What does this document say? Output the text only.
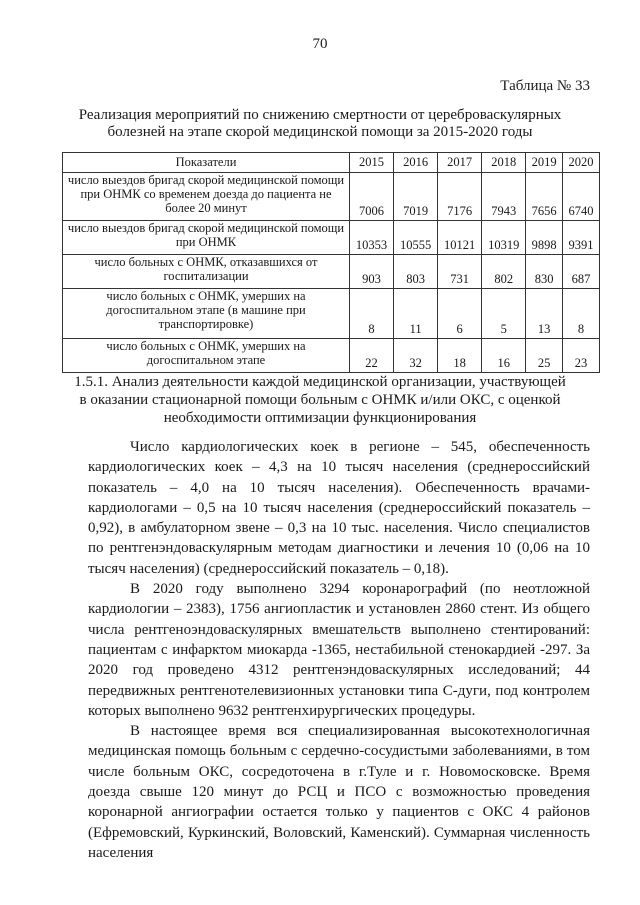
70
Таблица № 33
Реализация мероприятий по снижению смертности от цереброваскулярных болезней на этапе скорой медицинской помощи за 2015-2020 годы
Показатели	2015	2016	2017	2018	2019	2020
число выездов бригад скорой медицинской помощи при ОНМК со временем доезда до пациента не более 20 минут	7006	7019	7176	7943	7656	6740
число выездов бригад скорой медицинской помощи при ОНМК	10353	10555	10121	10319	9898	9391
число больных с ОНМК, отказавшихся от госпитализации	903	803	731	802	830	687
число больных с ОНМК, умерших на догоспитальном этапе (в машине при транспортировке)	8	11	6	5	13	8
число больных с ОНМК, умерших на догоспитальном этапе	22	32	18	16	25	23
1.5.1. Анализ деятельности каждой медицинской организации, участвующей в оказании стационарной помощи больным с ОНМК и/или ОКС, с оценкой необходимости оптимизации функционирования

Число кардиологических коек в регионе – 545, обеспеченность кардиологических коек – 4,3 на 10 тысяч населения (среднероссийский показатель – 4,0 на 10 тысяч населения). Обеспеченность врачами-кардиологами – 0,5 на 10 тысяч населения (среднероссийский показатель – 0,92), в амбулаторном звене – 0,3 на 10 тыс. населения. Число специалистов по рентгенэндоваскулярным методам диагностики и лечения 10 (0,06 на 10 тысяч населения) (среднероссийский показатель – 0,18).

В 2020 году выполнено 3294 коронарографий (по неотложной кардиологии – 2383), 1756 ангиопластик и установлен 2860 стент. Из общего числа рентгеноэндоваскулярных вмешательств выполнено стентирований: пациентам с инфарктом миокарда -1365, нестабильной стенокардией -297. За 2020 год проведено 4312 рентгенэндоваскулярных исследований; 44 передвижных рентгенотелевизионных установки типа С-дуги, под контролем которых выполнено 9632 рентгенхирургических процедуры.

В настоящее время вся специализированная высокотехнологичная медицинская помощь больным с сердечно-сосудистыми заболеваниями, в том числе больным ОКС, сосредоточена в г.Туле и г. Новомосковске. Время доезда свыше 120 минут до РСЦ и ПСО с возможностью проведения коронарной ангиографии остается только у пациентов с ОКС 4 районов (Ефремовский, Куркинский, Воловский, Каменский). Суммарная численность населения
